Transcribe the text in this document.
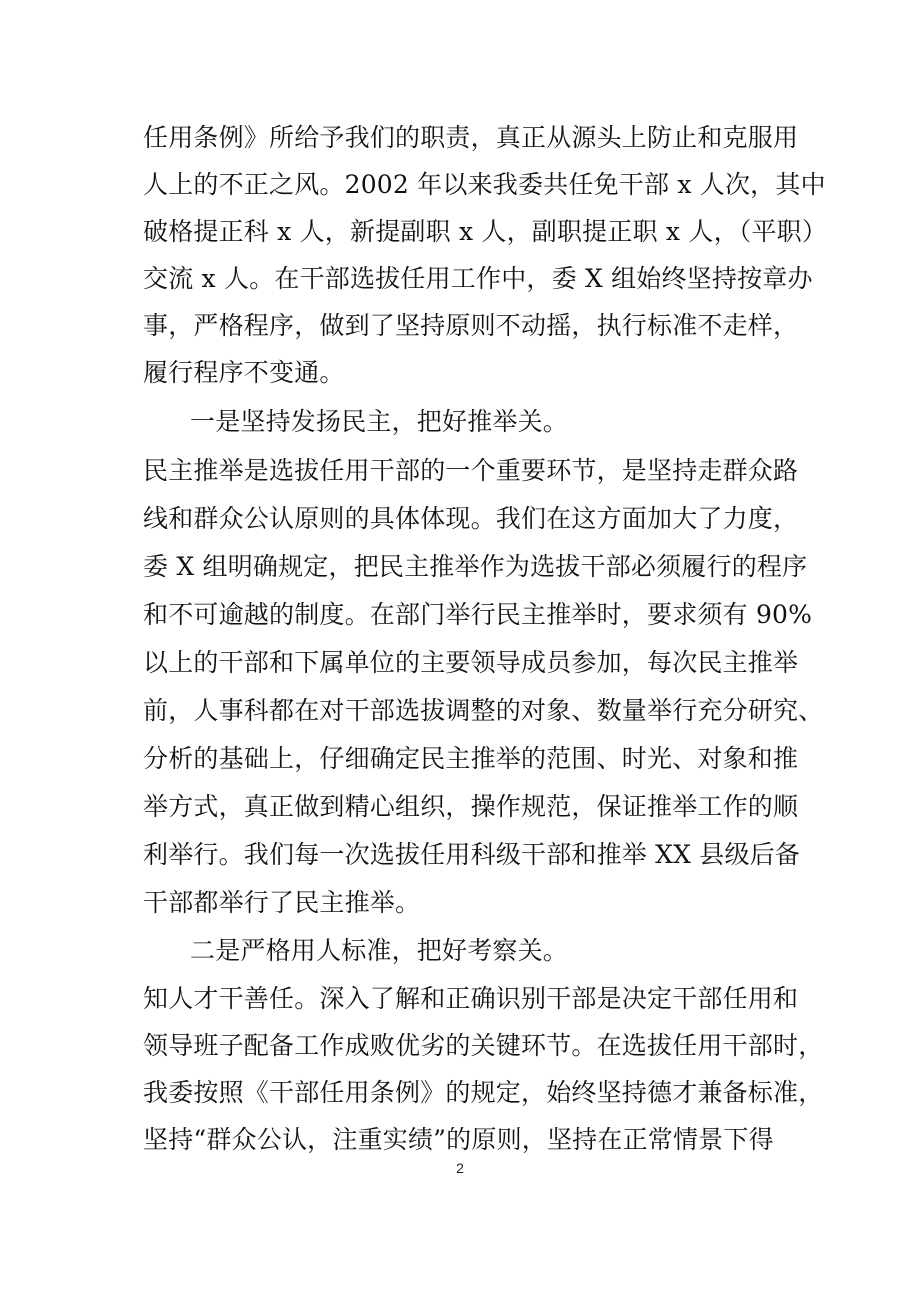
任用条例》所给予我们的职责，真正从源头上防止和克服用
人上的不正之风。2002 年以来我委共任免干部 x 人次，其中
破格提正科 x 人，新提副职 x 人，副职提正职 x 人，（平职）
交流 x 人。在干部选拔任用工作中，委 X 组始终坚持按章办
事，严格程序，做到了坚持原则不动摇，执行标准不走样，
履行程序不变通。
一是坚持发扬民主，把好推举关。
民主推举是选拔任用干部的一个重要环节，是坚持走群众路
线和群众公认原则的具体体现。我们在这方面加大了力度，
委 X 组明确规定，把民主推举作为选拔干部必须履行的程序
和不可逾越的制度。在部门举行民主推举时，要求须有 90%
以上的干部和下属单位的主要领导成员参加，每次民主推举
前，人事科都在对干部选拔调整的对象、数量举行充分研究、
分析的基础上，仔细确定民主推举的范围、时光、对象和推
举方式，真正做到精心组织，操作规范，保证推举工作的顺
利举行。我们每一次选拔任用科级干部和推举 XX 县级后备
干部都举行了民主推举。
二是严格用人标准，把好考察关。
知人才干善任。深入了解和正确识别干部是决定干部任用和
领导班子配备工作成败优劣的关键环节。在选拔任用干部时，
我委按照《干部任用条例》的规定，始终坚持德才兼备标准，
坚持“群众公认，注重实绩”的原则，坚持在正常情景下得
2
